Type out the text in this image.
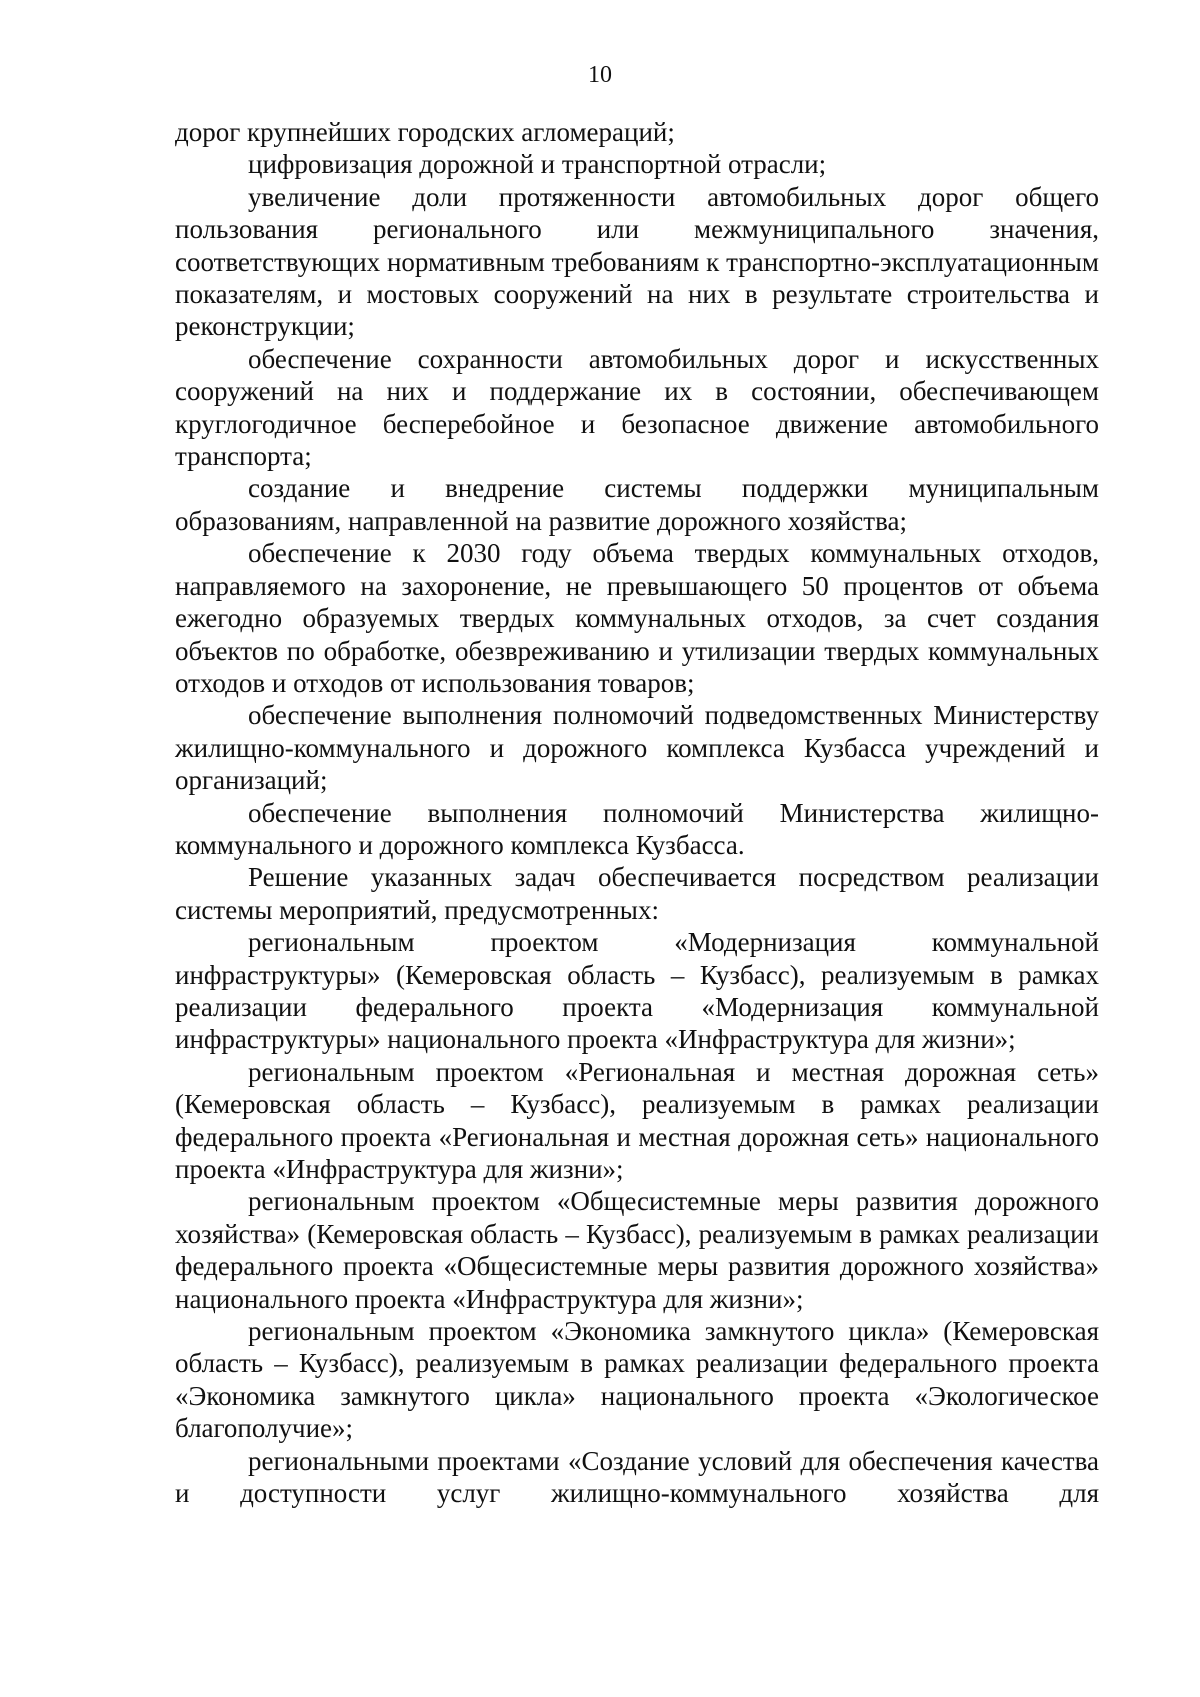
10

дорог крупнейших городских агломераций;

цифровизация дорожной и транспортной отрасли;

увеличение доли протяженности автомобильных дорог общего пользования регионального или межмуниципального значения, соответствующих нормативным требованиям к транспортно-эксплуатационным показателям, и мостовых сооружений на них в результате строительства и реконструкции;

обеспечение сохранности автомобильных дорог и искусственных сооружений на них и поддержание их в состоянии, обеспечивающем круглогодичное бесперебойное и безопасное движение автомобильного транспорта;

создание и внедрение системы поддержки муниципальным образованиям, направленной на развитие дорожного хозяйства;

обеспечение к 2030 году объема твердых коммунальных отходов, направляемого на захоронение, не превышающего 50 процентов от объема ежегодно образуемых твердых коммунальных отходов, за счет создания объектов по обработке, обезвреживанию и утилизации твердых коммунальных отходов и отходов от использования товаров;

обеспечение выполнения полномочий подведомственных Министерству жилищно-коммунального и дорожного комплекса Кузбасса учреждений и организаций;

обеспечение выполнения полномочий Министерства жилищно-коммунального и дорожного комплекса Кузбасса.

Решение указанных задач обеспечивается посредством реализации системы мероприятий, предусмотренных:

региональным проектом «Модернизация коммунальной инфраструктуры» (Кемеровская область – Кузбасс), реализуемым в рамках реализации федерального проекта «Модернизация коммунальной инфраструктуры» национального проекта «Инфраструктура для жизни»;

региональным проектом «Региональная и местная дорожная сеть» (Кемеровская область – Кузбасс), реализуемым в рамках реализации федерального проекта «Региональная и местная дорожная сеть» национального проекта «Инфраструктура для жизни»;

региональным проектом «Общесистемные меры развития дорожного хозяйства» (Кемеровская область – Кузбасс), реализуемым в рамках реализации федерального проекта «Общесистемные меры развития дорожного хозяйства» национального проекта «Инфраструктура для жизни»;

региональным проектом «Экономика замкнутого цикла» (Кемеровская область – Кузбасс), реализуемым в рамках реализации федерального проекта «Экономика замкнутого цикла» национального проекта «Экологическое благополучие»;

региональными проектами «Создание условий для обеспечения качества и доступности услуг жилищно-коммунального хозяйства для
